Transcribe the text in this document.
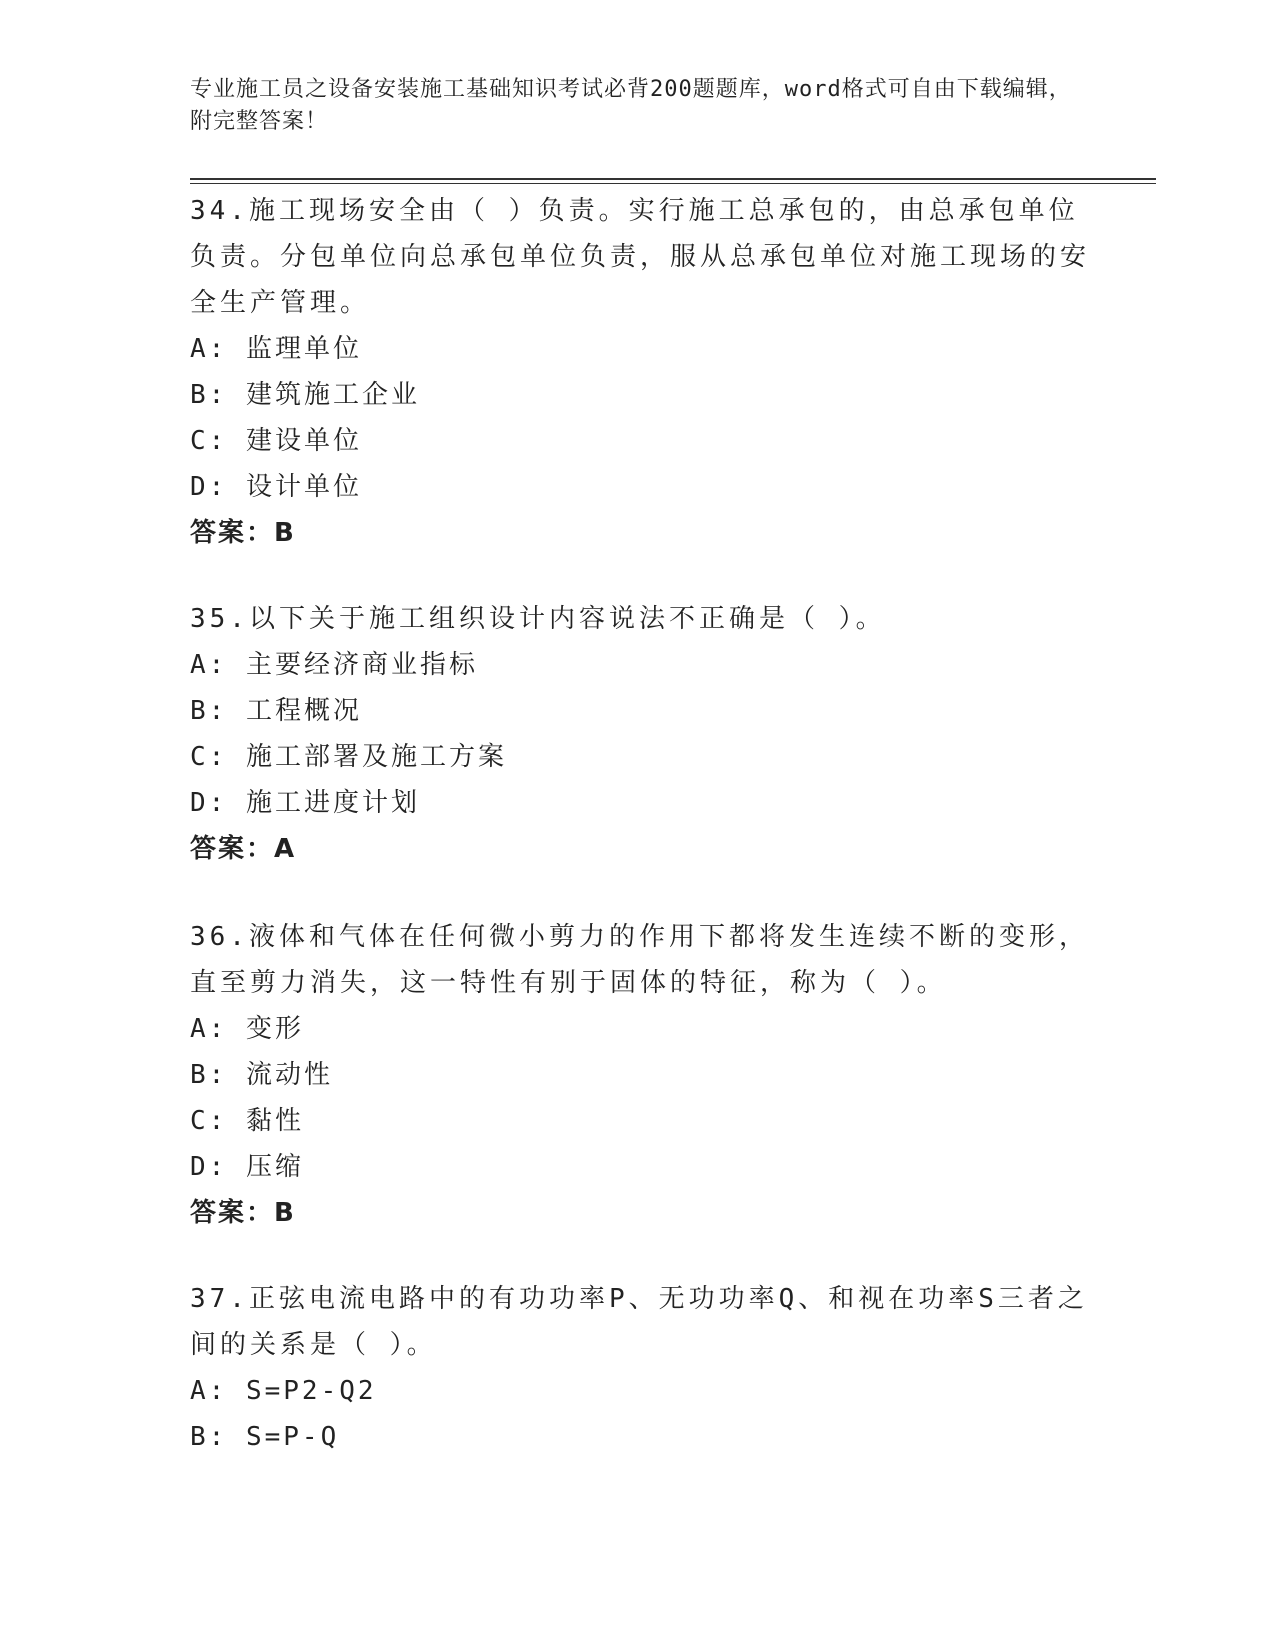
专业施工员之设备安装施工基础知识考试必背200题题库，word格式可自由下载编辑，附完整答案！
34.施工现场安全由（ ）负责。实行施工总承包的，由总承包单位负责。分包单位向总承包单位负责，服从总承包单位对施工现场的安全生产管理。
A: 监理单位
B: 建筑施工企业
C: 建设单位
D: 设计单位
答案：B
35.以下关于施工组织设计内容说法不正确是（ ）。
A: 主要经济商业指标
B: 工程概况
C: 施工部署及施工方案
D: 施工进度计划
答案：A
36.液体和气体在任何微小剪力的作用下都将发生连续不断的变形，直至剪力消失，这一特性有别于固体的特征，称为（ ）。
A: 变形
B: 流动性
C: 黏性
D: 压缩
答案：B
37.正弦电流电路中的有功功率P、无功功率Q、和视在功率S三者之间的关系是（ ）。
A: S=P2-Q2
B: S=P-Q
